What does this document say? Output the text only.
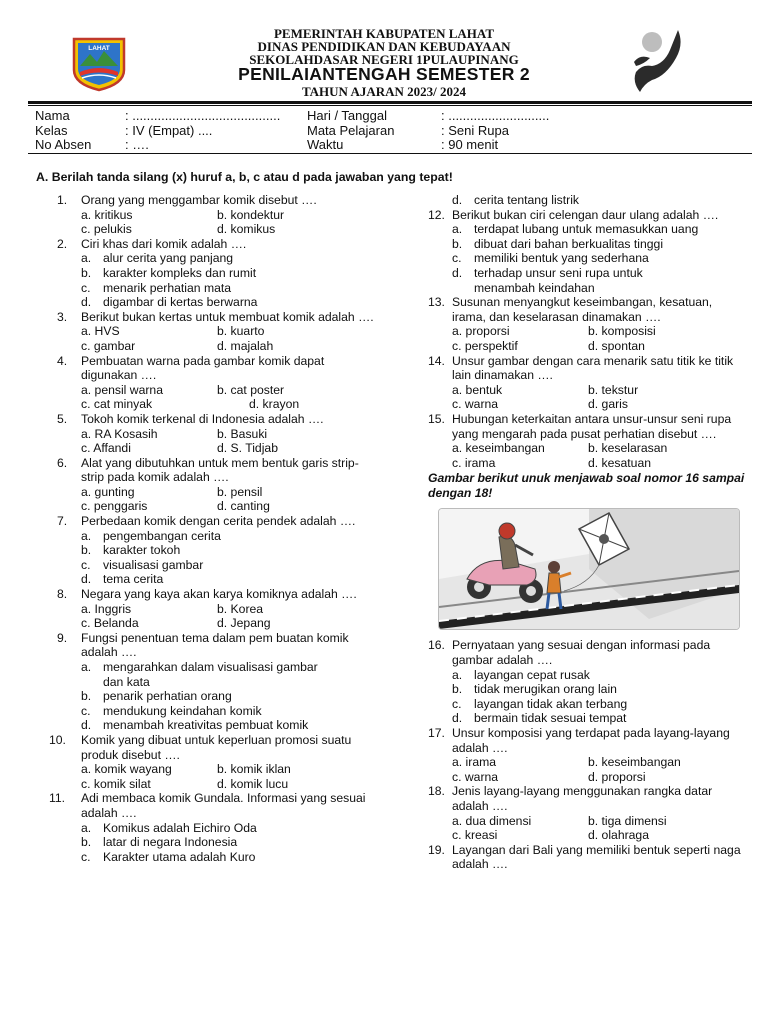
LAHAT
PEMERINTAH KABUPATEN LAHAT
DINAS PENDIDIKAN DAN KEBUDAYAAN
SEKOLAHDASAR NEGERI 1PULAUPINANG
PENILAIANTENGAH SEMESTER 2
TAHUN AJARAN 2023/ 2024
Nama	: ......................................... Hari / Tanggal	: ............................
Kelas	: IV (Empat) ....	Mata Pelajaran	: Seni Rupa
No Absen	: ….	Waktu	: 90 menit
A. Berilah tanda silang (x) huruf a, b, c atau d pada jawaban yang tepat!
1. Orang yang menggambar komik disebut ….
a. kritikus	b. kondektur
c. pelukis	d. komikus
2. Ciri khas dari komik adalah ….
a. alur cerita yang panjang
b. karakter kompleks dan rumit
c. menarik perhatian mata
d. digambar di kertas berwarna
3. Berikut bukan kertas untuk membuat komik adalah ….
a. HVS	b. kuarto
c. gambar	d. majalah
4. Pembuatan warna pada gambar komik dapat digunakan ….
a. pensil warna	b. cat poster
c. cat minyak	d. krayon
5. Tokoh komik terkenal di Indonesia adalah ….
a. RA Kosasih	b. Basuki
c. Affandi	d. S. Tidjab
6. Alat yang dibutuhkan untuk mem bentuk garis strip-strip pada komik adalah ….
a. gunting	b. pensil
c. penggaris	d. canting
7. Perbedaan komik dengan cerita pendek adalah ….
a. pengembangan cerita
b. karakter tokoh
c. visualisasi gambar
d. tema cerita
8. Negara yang kaya akan karya komiknya adalah ….
a. Inggris	b. Korea
c. Belanda	d. Jepang
9. Fungsi penentuan tema dalam pem buatan komik adalah ….
a. mengarahkan dalam visualisasi gambar dan kata
b. penarik perhatian orang
c. mendukung keindahan komik
d. menambah kreativitas pembuat komik
10. Komik yang dibuat untuk keperluan promosi suatu produk disebut ….
a. komik wayang	b. komik iklan
c. komik silat	d. komik lucu
11. Adi membaca komik Gundala. Informasi yang sesuai adalah ….
a. Komikus adalah Eichiro Oda
b. latar di negara Indonesia
c. Karakter utama adalah Kuro
d. cerita tentang listrik
12. Berikut bukan ciri celengan daur ulang adalah ….
a. terdapat lubang untuk memasukkan uang
b. dibuat dari bahan berkualitas tinggi
c. memiliki bentuk yang sederhana
d. terhadap unsur seni rupa untuk menambah keindahan
13. Susunan menyangkut keseimbangan, kesatuan, irama, dan keselarasan dinamakan ….
a. proporsi	b. komposisi
c. perspektif	d. spontan
14. Unsur gambar dengan cara menarik satu titik ke titik lain dinamakan ….
a. bentuk	b. tekstur
c. warna	d. garis
15. Hubungan keterkaitan antara unsur-unsur seni rupa yang mengarah pada pusat perhatian disebut ….
a. keseimbangan	b. keselarasan
c. irama	d. kesatuan
Gambar berikut unuk menjawab soal nomor 16 sampai dengan 18!
16. Pernyataan yang sesuai dengan informasi pada gambar adalah ….
a. layangan cepat rusak
b. tidak merugikan orang lain
c. layangan tidak akan terbang
d. bermain tidak sesuai tempat
17. Unsur komposisi yang terdapat pada layang-layang adalah ….
a. irama	b. keseimbangan
c. warna	d. proporsi
18. Jenis layang-layang menggunakan rangka datar adalah ….
a. dua dimensi	b. tiga dimensi
c. kreasi	d. olahraga
19. Layangan dari Bali yang memiliki bentuk seperti naga adalah ….
